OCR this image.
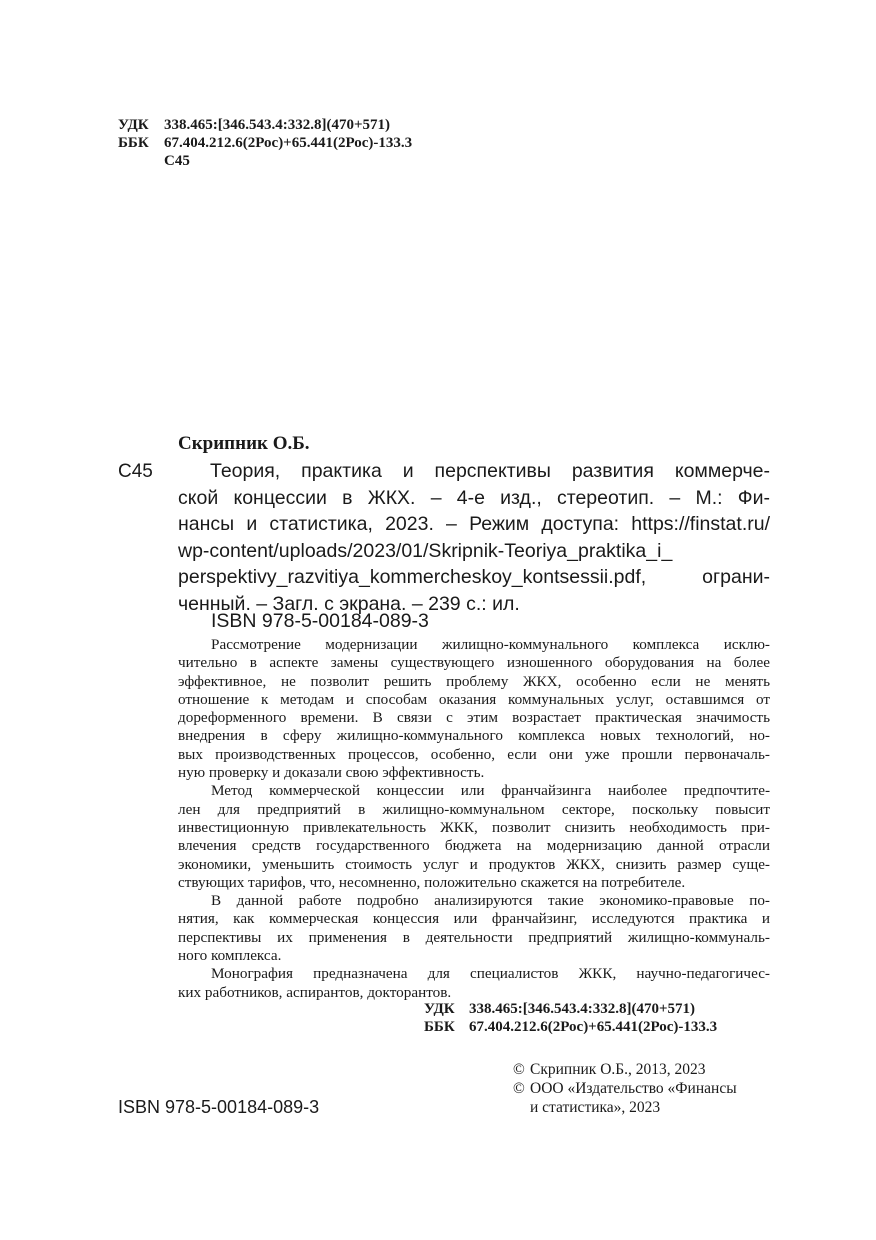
УДК	338.465:[346.543.4:332.8](470+571)
ББК	67.404.212.6(2Рос)+65.441(2Рос)-133.3
С45
Скрипник О.Б.
С45	Теория, практика и перспективы развития коммерче-
ской концессии в ЖКХ. – 4-е изд., стереотип. – М.: Фи-
нансы и статистика, 2023. – Режим доступа: https://finstat.ru/
wp-content/uploads/2023/01/Skripnik-Teoriya_praktika_i_
perspektivy_razvitiya_kommercheskoy_kontsessii.pdf, ограни-
ченный. – Загл. с экрана. – 239 с.: ил.
ISBN 978-5-00184-089-3
Рассмотрение модернизации жилищно-коммунального комплекса исклю-
чительно в аспекте замены существующего изношенного оборудования на более
эффективное, не позволит решить проблему ЖКХ, особенно если не менять
отношение к методам и способам оказания коммунальных услуг, оставшимся от
дореформенного времени. В связи с этим возрастает практическая значимость
внедрения в сферу жилищно-коммунального комплекса новых технологий, но-
вых производственных процессов, особенно, если они уже прошли первоначаль-
ную проверку и доказали свою эффективность.
Метод коммерческой концессии или франчайзинга наиболее предпочтите-
лен для предприятий в жилищно-коммунальном секторе, поскольку повысит
инвестиционную привлекательность ЖКК, позволит снизить необходимость при-
влечения средств государственного бюджета на модернизацию данной отрасли
экономики, уменьшить стоимость услуг и продуктов ЖКХ, снизить размер суще-
ствующих тарифов, что, несомненно, положительно скажется на потребителе.
В данной работе подробно анализируются такие экономико-правовые по-
нятия, как коммерческая концессия или франчайзинг, исследуются практика и
перспективы их применения в деятельности предприятий жилищно-коммуналь-
ного комплекса.
Монография предназначена для специалистов ЖКК, научно-педагогичес-
ких работников, аспирантов, докторантов.
УДК 338.465:[346.543.4:332.8](470+571)
ББК 67.404.212.6(2Рос)+65.441(2Рос)-133.3
© Скрипник О.Б., 2013, 2023
© ООО «Издательство «Финансы
и статистика», 2023
ISBN 978-5-00184-089-3
